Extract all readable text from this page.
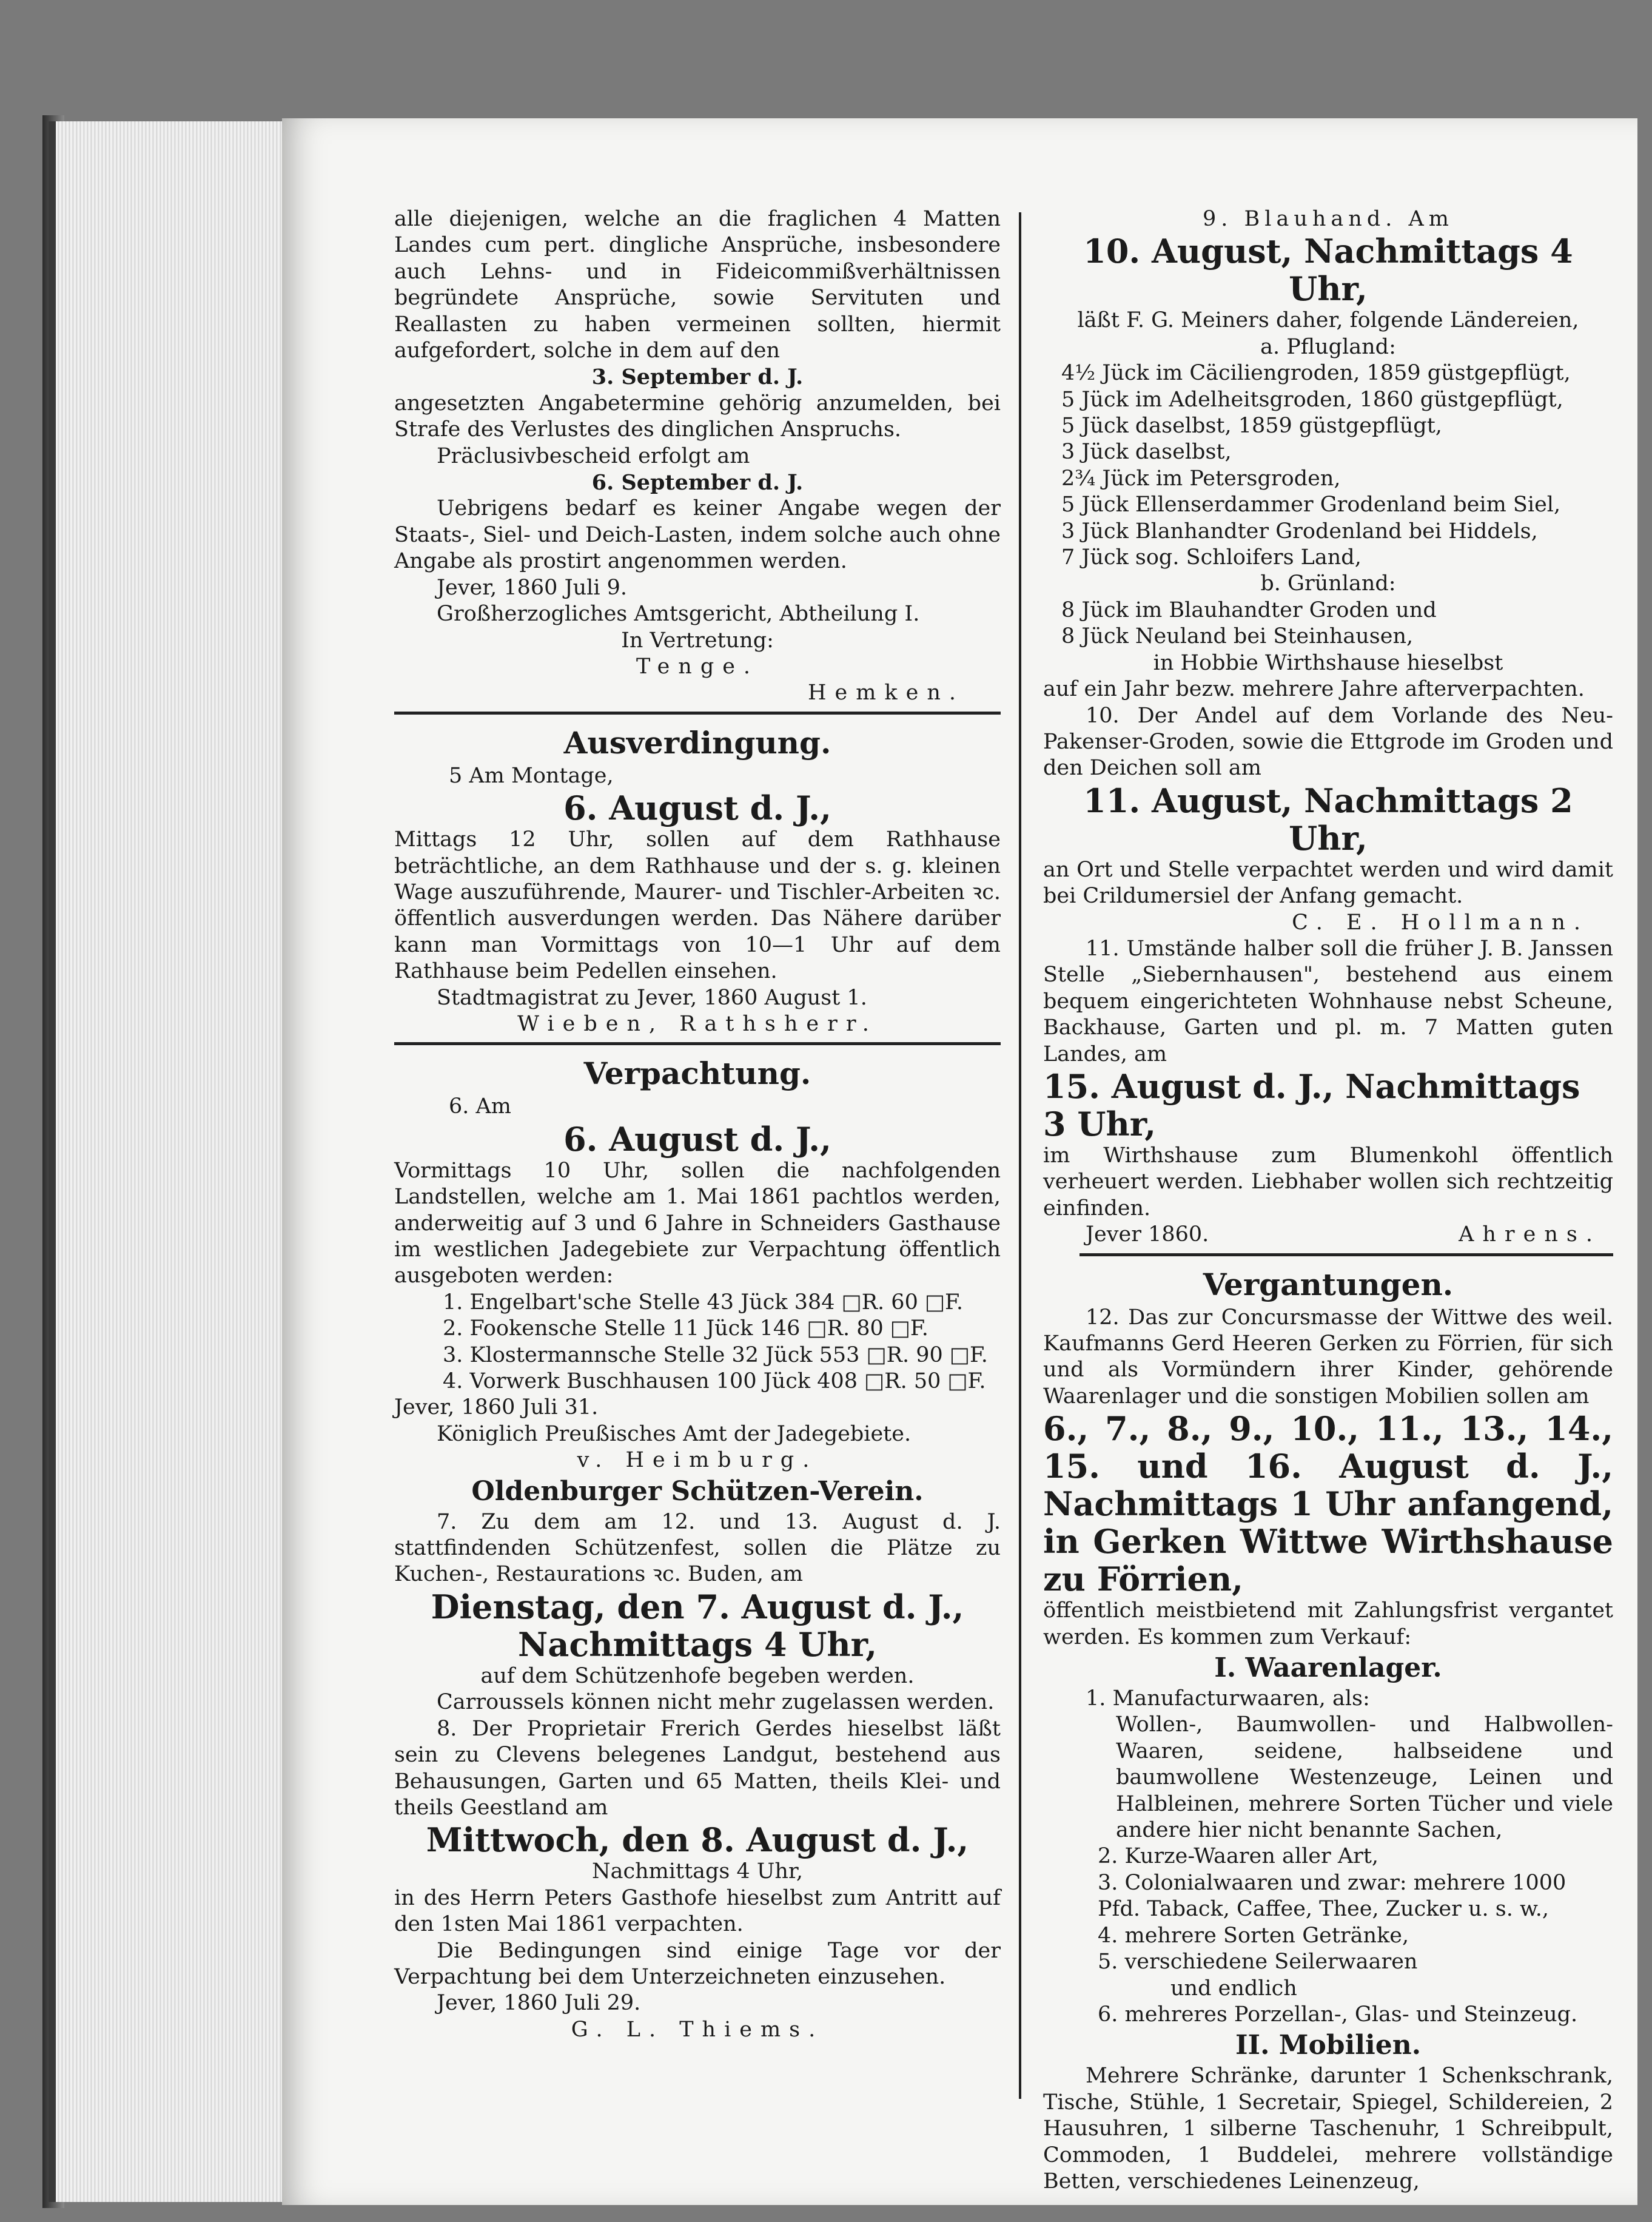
alle diejenigen, welche an die fraglichen 4 Matten Landes cum pert. dingliche Ansprüche, insbesondere auch Lehns- und in Fideicommißverhältnissen begründete Ansprüche, sowie Servituten und Reallasten zu haben vermeinen sollten, hiermit aufgefordert, solche in dem auf den

3. September d. J.

angesetzten Angabetermine gehörig anzumelden, bei Strafe des Verlustes des dinglichen Anspruchs.

Präclusivbescheid erfolgt am

6. September d. J.

Uebrigens bedarf es keiner Angabe wegen der Staats-, Siel- und Deich-Lasten, indem solche auch ohne Angabe als prostirt angenommen werden.

Jever, 1860 Juli 9.

Großherzogliches Amtsgericht, Abtheilung I.

In Vertretung:

Tenge.

Hemken.

Ausverdingung.

5 Am Montage,

6. August d. J.,

Mittags 12 Uhr, sollen auf dem Rathhause beträchtliche, an dem Rathhause und der s. g. kleinen Wage auszuführende, Maurer- und Tischler-Arbeiten ꝛc. öffentlich ausverdungen werden. Das Nähere darüber kann man Vormittags von 10—1 Uhr auf dem Rathhause beim Pedellen einsehen.

Stadtmagistrat zu Jever, 1860 August 1.

Wieben, Rathsherr.

Verpachtung.

6. Am

6. August d. J.,

Vormittags 10 Uhr, sollen die nachfolgenden Landstellen, welche am 1. Mai 1861 pachtlos werden, anderweitig auf 3 und 6 Jahre in Schneiders Gasthause im westlichen Jadegebiete zur Verpachtung öffentlich ausgeboten werden:

1. Engelbart'sche Stelle 43 Jück 384 □R. 60 □F.
2. Fookensche Stelle 11 Jück 146 □R. 80 □F.
3. Klostermannsche Stelle 32 Jück 553 □R. 90 □F.
4. Vorwerk Buschhausen 100 Jück 408 □R. 50 □F.

Jever, 1860 Juli 31.

Königlich Preußisches Amt der Jadegebiete.

v. Heimburg.

Oldenburger Schützen-Verein.

7. Zu dem am 12. und 13. August d. J. stattfindenden Schützenfest, sollen die Plätze zu Kuchen-, Restaurations ꝛc. Buden, am

Dienstag, den 7. August d. J.,
Nachmittags 4 Uhr,

auf dem Schützenhofe begeben werden.

Carroussels können nicht mehr zugelassen werden.

8. Der Proprietair Frerich Gerdes hieselbst läßt sein zu Clevens belegenes Landgut, bestehend aus Behausungen, Garten und 65 Matten, theils Klei- und theils Geestland am

Mittwoch, den 8. August d. J.,

Nachmittags 4 Uhr,

in des Herrn Peters Gasthofe hieselbst zum Antritt auf den 1sten Mai 1861 verpachten.

Die Bedingungen sind einige Tage vor der Verpachtung bei dem Unterzeichneten einzusehen.

Jever, 1860 Juli 29.

G. L. Thiems.

9. Blauhand. Am

10. August, Nachmittags 4 Uhr,

läßt F. G. Meiners daher, folgende Ländereien,

a. Pflugland:

4½ Jück im Cäciliengroden, 1859 güstgepflügt,
5 Jück im Adelheitsgroden, 1860 güstgepflügt,
5 Jück daselbst, 1859 güstgepflügt,
3 Jück daselbst,
2¾ Jück im Petersgroden,
5 Jück Ellenserdammer Grodenland beim Siel,
3 Jück Blanhandter Grodenland bei Hiddels,
7 Jück sog. Schloifers Land,

b. Grünland:

8 Jück im Blauhandter Groden und
8 Jück Neuland bei Steinhausen,

in Hobbie Wirthshause hieselbst

auf ein Jahr bezw. mehrere Jahre afterverpachten.

10. Der Andel auf dem Vorlande des Neu-Pakenser-Groden, sowie die Ettgrode im Groden und den Deichen soll am

11. August, Nachmittags 2 Uhr,

an Ort und Stelle verpachtet werden und wird damit bei Crildumersiel der Anfang gemacht.

C. E. Hollmann.

11. Umstände halber soll die früher J. B. Janssen Stelle „Siebernhausen", bestehend aus einem bequem eingerichteten Wohnhause nebst Scheune, Backhause, Garten und pl. m. 7 Matten guten Landes, am

15. August d. J., Nachmittags 3 Uhr,

im Wirthshause zum Blumenkohl öffentlich verheuert werden. Liebhaber wollen sich rechtzeitig einfinden.

Jever 1860.	Ahrens.
Vergantungen.

12. Das zur Concursmasse der Wittwe des weil. Kaufmanns Gerd Heeren Gerken zu Förrien, für sich und als Vormündern ihrer Kinder, gehörende Waarenlager und die sonstigen Mobilien sollen am

6., 7., 8., 9., 10., 11., 13., 14., 15. und 16. August d. J., Nachmittags 1 Uhr anfangend, in Gerken Wittwe Wirthshause zu Förrien,

öffentlich meistbietend mit Zahlungsfrist vergantet werden. Es kommen zum Verkauf:

I. Waarenlager.

1. Manufacturwaaren, als:

Wollen-, Baumwollen- und Halbwollen-Waaren, seidene, halbseidene und baumwollene Westenzeuge, Leinen und Halbleinen, mehrere Sorten Tücher und viele andere hier nicht benannte Sachen,

2. Kurze-Waaren aller Art,
3. Colonialwaaren und zwar: mehrere 1000 Pfd. Taback, Caffee, Thee, Zucker u. s. w.,
4. mehrere Sorten Getränke,
5. verschiedene Seilerwaaren

und endlich

6. mehreres Porzellan-, Glas- und Steinzeug.

II. Mobilien.

Mehrere Schränke, darunter 1 Schenkschrank, Tische, Stühle, 1 Secretair, Spiegel, Schildereien, 2 Hausuhren, 1 silberne Taschenuhr, 1 Schreibpult, Commoden, 1 Buddelei, mehrere vollständige Betten, verschiedenes Leinenzeug,
